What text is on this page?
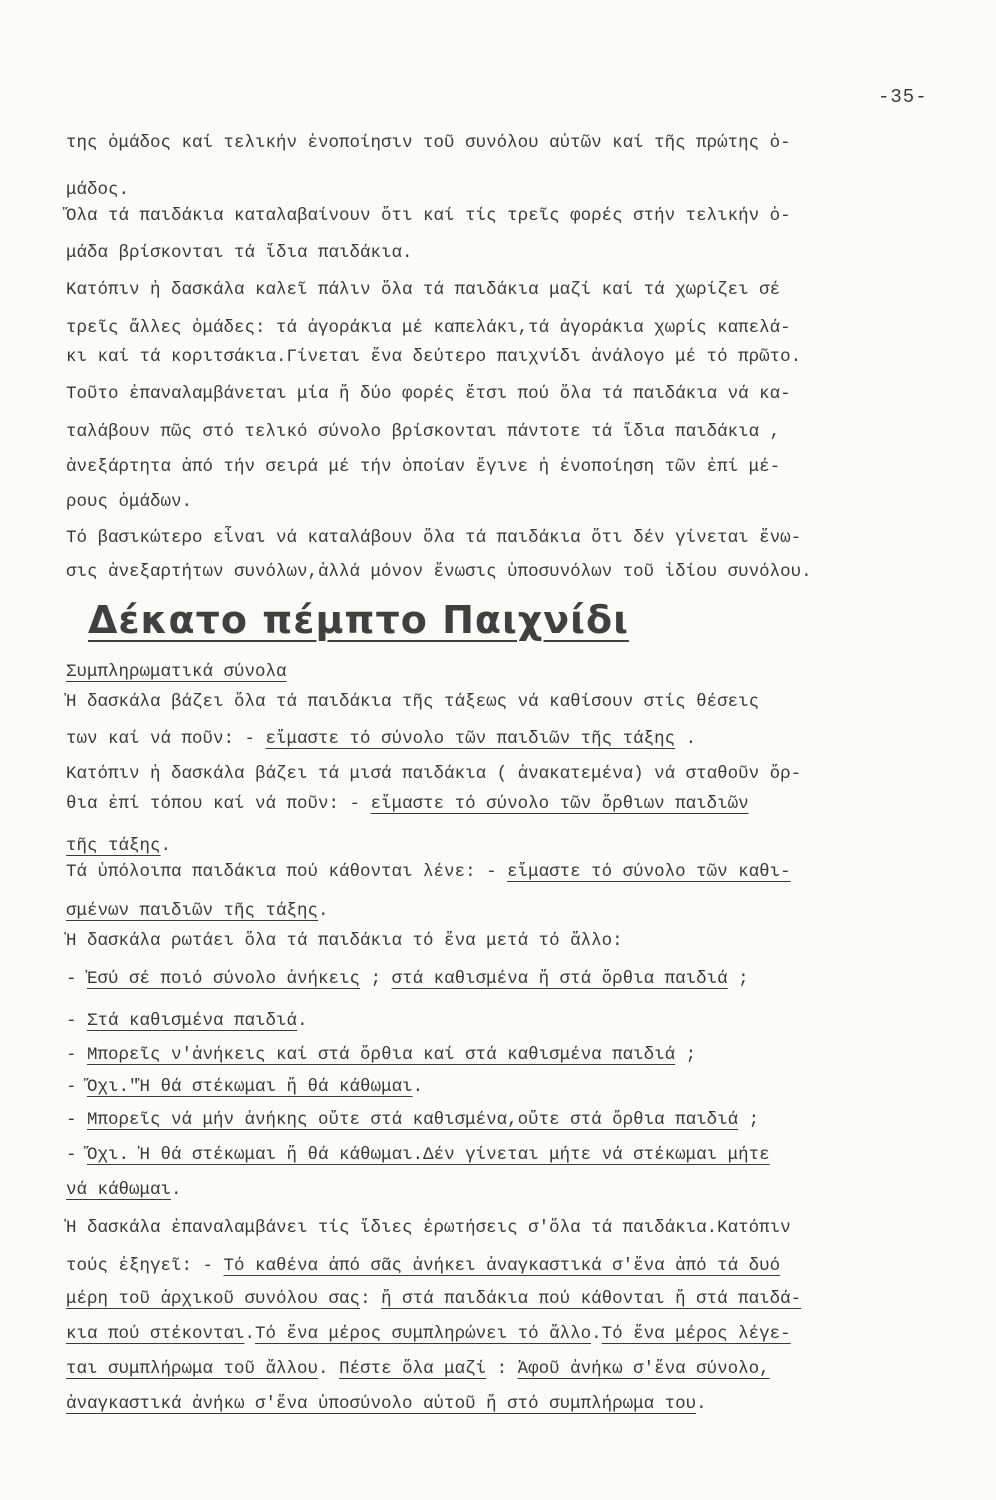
-35-
Δέκατο πέμπτο Παιχνίδι
της ὁμάδος καί τελικήν ἑνοποίησιν τοῦ συνόλου αὐτῶν καί τῆς πρώτης ὁ-
μάδος.
Ὅλα τά παιδάκια καταλαβαίνουν ὅτι καί τίς τρεῖς φορές στήν τελικήν ὁ-
μάδα βρίσκονται τά ἴδια παιδάκια.
Κατόπιν ἡ δασκάλα καλεῖ πάλιν ὅλα τά παιδάκια μαζί καί τά χωρίζει σέ
τρεῖς ἄλλες ὁμάδες: τά ἀγοράκια μέ καπελάκι,τά ἀγοράκια χωρίς καπελά-
κι καί τά κοριτσάκια.Γίνεται ἕνα δεύτερο παιχνίδι ἀνάλογο μέ τό πρῶτο.
Τοῦτο ἐπαναλαμβάνεται μία ἤ δύο φορές ἔτσι πού ὅλα τά παιδάκια νά κα-
ταλάβουν πῶς στό τελικό σύνολο βρίσκονται πάντοτε τά ἴδια παιδάκια ,
ἀνεξάρτητα ἀπό τήν σειρά μέ τήν ὁποίαν ἔγινε ἡ ἑνοποίηση τῶν ἐπί μέ-
ρους ὁμάδων.
Τό βασικώτερο εἶναι νά καταλάβουν ὅλα τά παιδάκια ὅτι δέν γίνεται ἕνω-
σις ἀνεξαρτήτων συνόλων,ἀλλά μόνον ἕνωσις ὑποσυνόλων τοῦ ἰδίου συνόλου.
Συμπληρωματικά σύνολα
Ἡ δασκάλα βάζει ὅλα τά παιδάκια τῆς τάξεως νά καθίσουν στίς θέσεις
των καί νά ποῦν: - εἴμαστε τό σύνολο τῶν παιδιῶν τῆς τάξης .
Κατόπιν ἡ δασκάλα βάζει τά μισά παιδάκια ( ἀνακατεμένα) νά σταθοῦν ὄρ-
θια ἐπί τόπου καί νά ποῦν: - εἴμαστε τό σύνολο τῶν ὄρθιων παιδιῶν
τῆς τάξης.
Τά ὑπόλοιπα παιδάκια πού κάθονται λένε: - εἴμαστε τό σύνολο τῶν καθι-
σμένων παιδιῶν τῆς τάξης.
Ἡ δασκάλα ρωτάει ὅλα τά παιδάκια τό ἕνα μετά τό ἄλλο:
- Ἐσύ σέ ποιό σύνολο ἀνήκεις ; στά καθισμένα ἤ στά ὄρθια παιδιά ;
- Στά καθισμένα παιδιά.
- Μπορεῖς ν'ἀνήκεις καί στά ὄρθια καί στά καθισμένα παιδιά ;
- Ὄχι."Ἡ θά στέκωμαι ἤ θά κάθωμαι.
- Μπορεῖς νά μήν ἀνήκης οὔτε στά καθισμένα,οὔτε στά ὄρθια παιδιά ;
- Ὄχι. Ἡ θά στέκωμαι ἤ θά κάθωμαι.Δέν γίνεται μήτε νά στέκωμαι μήτε
νά κάθωμαι.
Ἡ δασκάλα ἐπαναλαμβάνει τίς ἴδιες ἐρωτήσεις σ'ὅλα τά παιδάκια.Κατόπιν
τούς ἐξηγεῖ: - Τό καθένα ἀπό σᾶς ἀνήκει ἀναγκαστικά σ'ἕνα ἀπό τά δυό
μέρη τοῦ ἀρχικοῦ συνόλου σας: ἤ στά παιδάκια πού κάθονται ἤ στά παιδά-
κια πού στέκονται.Τό ἕνα μέρος συμπληρώνει τό ἄλλο.Τό ἕνα μέρος λέγε-
ται συμπλήρωμα τοῦ ἄλλου. Πέστε ὅλα μαζί : Ἀφοῦ ἀνήκω σ'ἕνα σύνολο,
ἀναγκαστικά ἀνήκω σ'ἕνα ὑποσύνολο αὐτοῦ ἤ στό συμπλήρωμα του.
